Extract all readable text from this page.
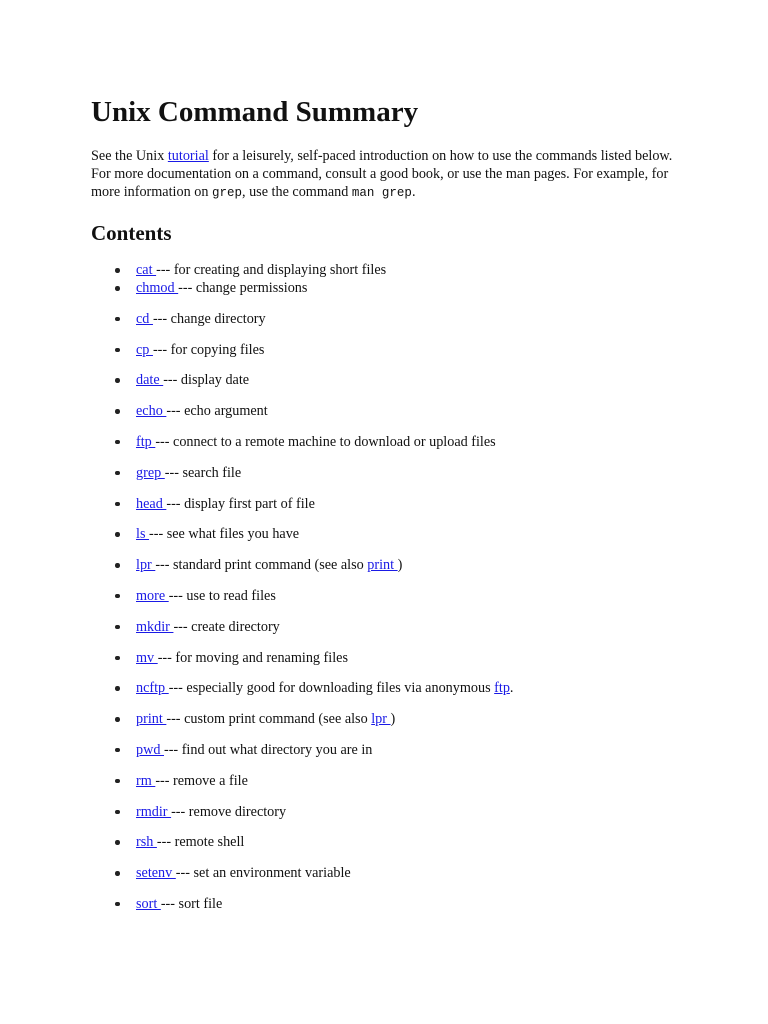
Unix Command Summary

See the Unix tutorial for a leisurely, self-paced introduction on how to use the commands listed below. For more documentation on a command, consult a good book, or use the man pages. For example, for more information on grep, use the command man grep.

Contents
cat --- for creating and displaying short files
chmod --- change permissions
cd --- change directory
cp --- for copying files
date --- display date
echo --- echo argument
ftp --- connect to a remote machine to download or upload files
grep --- search file
head --- display first part of file
ls --- see what files you have
lpr --- standard print command (see also print )
more --- use to read files
mkdir --- create directory
mv --- for moving and renaming files
ncftp --- especially good for downloading files via anonymous ftp.
print --- custom print command (see also lpr )
pwd --- find out what directory you are in
rm --- remove a file
rmdir --- remove directory
rsh --- remote shell
setenv --- set an environment variable
sort --- sort file
